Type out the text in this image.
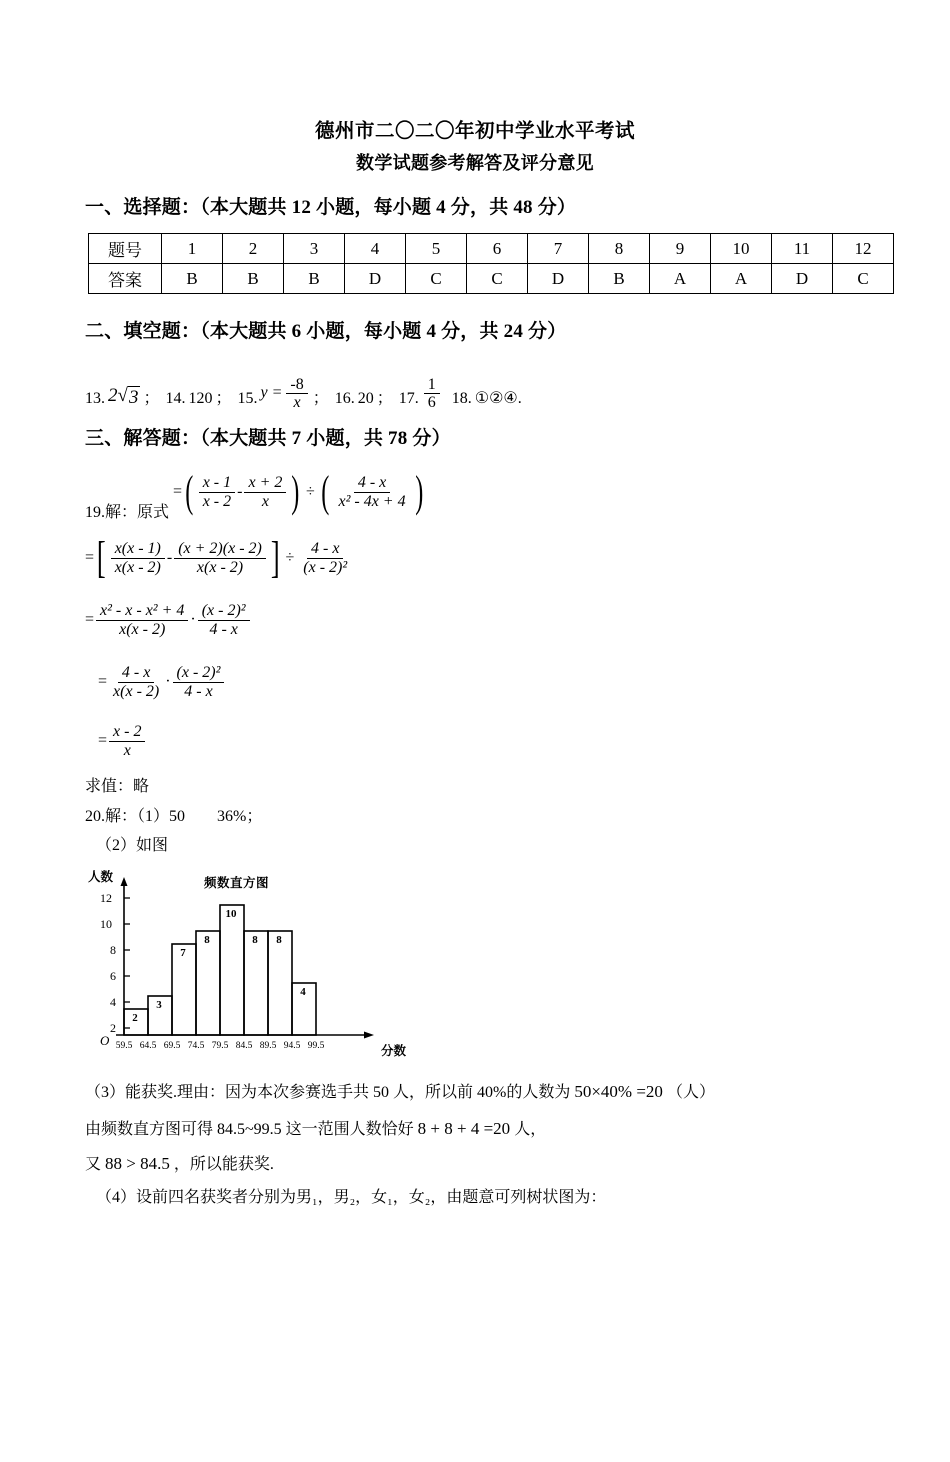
德州市二〇二〇年初中学业水平考试
数学试题参考解答及评分意见
一、选择题：（本大题共 12 小题，每小题 4 分，共 48 分）
题号	1	2	3	4	5	6	7	8	9	10	11	12
答案	B	B	B	D	C	C	D	B	A	A	D	C
二、填空题：（本大题共 6 小题，每小题 4 分，共 24 分）
13. 2 √ 3 ； 14. 120 ； 15. $y = \frac{-8}{x}$ ； 16. 20 ； 17. $\frac{1}{6} 18$. ①②④.
三、解答题：（本大题共 7 小题，共 78 分）
19.解：原式
= ( $\frac{x - 1}{x - 2} - \frac{x + 2}{x}$ ) ÷ ( $\frac{4 - x}{\text{x² - 4x + 4}}$ )
= [ $\frac{x(x - 1)}{x(x - 2)} - \frac{(x + 2)(x - 2)}{x(x - 2)}$ ] ÷ $\frac{4 - x}{\text{(x - 2)²}}$
= $\frac{\text{x² - x - x² + 4}}{x(x - 2)} \cdot \frac{\text{(x - 2)²}}{4 - x}$
= $\frac{4 - x}{x(x - 2)} \cdot \frac{\text{(x - 2)²}}{4 - x}$
= $\frac{x - 2}{x}$
求值：略
20.解：（1）50　　36%；
（2）如图
人数	频数直方图
O
分数
2
4
6
8
10
12
2
3
7
8
10
8	8
4
59.5 64.5 69.5 74.5 79.5 84.5 89.5 94.5 99.5
（3）能获奖.理由：因为本次参赛选手共 50 人，所以前 40%的人数为 50×40% =20 （人）
由频数直方图可得 84.5~99.5 这一范围人数恰好 8 + 8 + 4 =20 人，
又 88 > 84.5 ，所以能获奖.
（4）设前四名获奖者分别为男₁，男₂，女₁，女₂，由题意可列树状图为：
